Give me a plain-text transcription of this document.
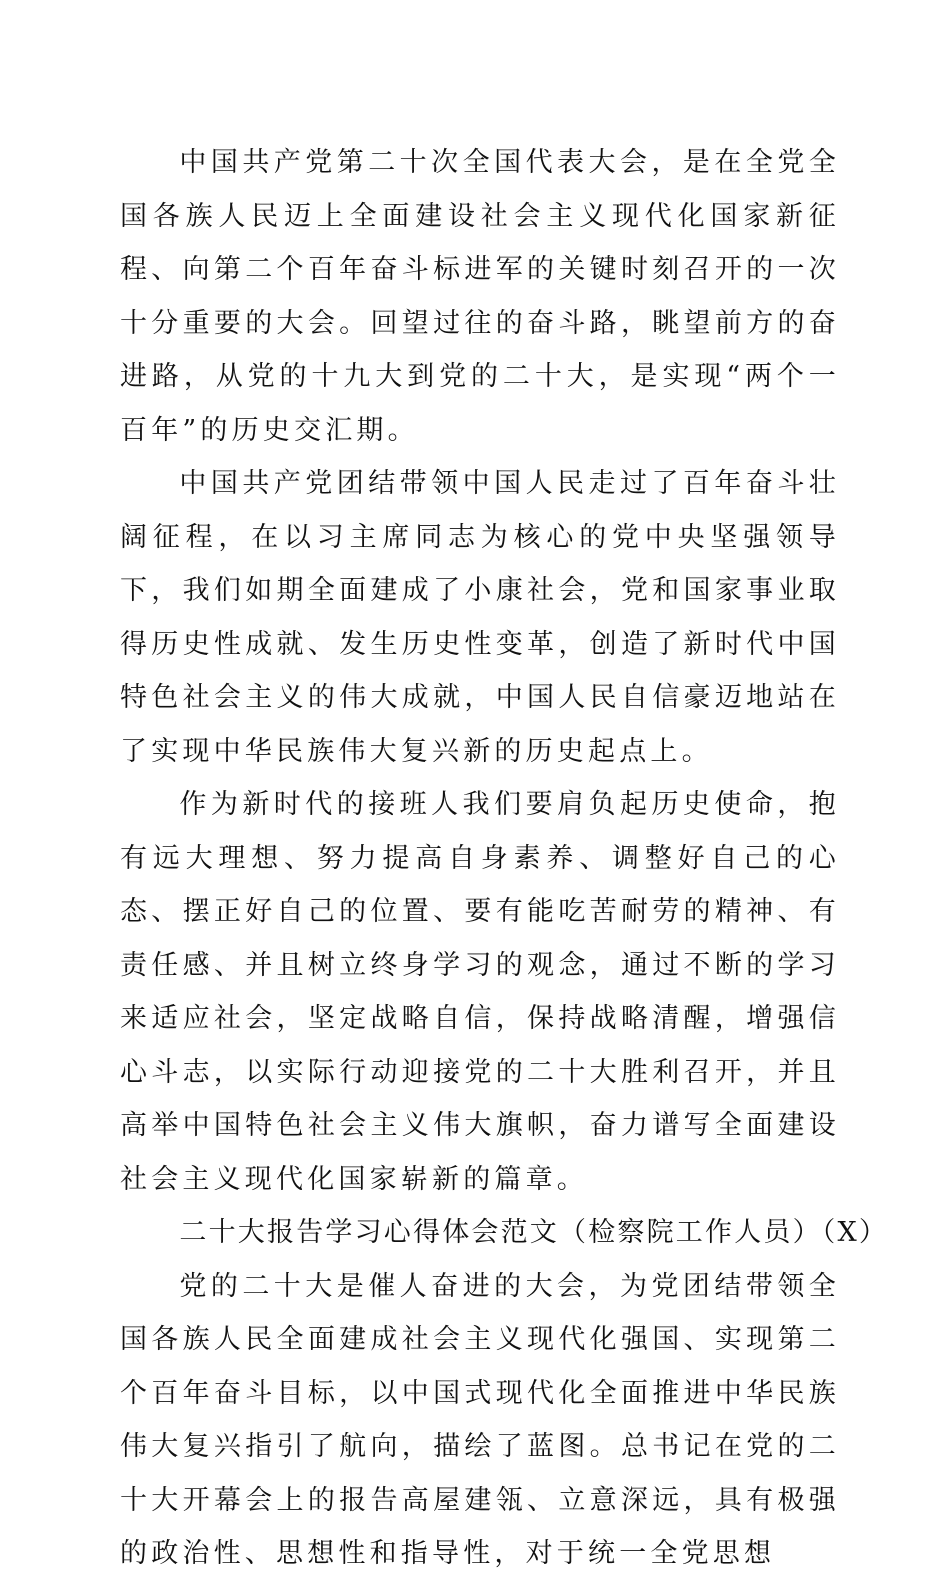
中国共产党第二十次全国代表大会，是在全党全国各族人民迈上全面建设社会主义现代化国家新征程、向第二个百年奋斗标进军的关键时刻召开的一次十分重要的大会。回望过往的奋斗路，眺望前方的奋进路，从党的十九大到党的二十大，是实现“两个一百年”的历史交汇期。

中国共产党团结带领中国人民走过了百年奋斗壮阔征程，在以习主席同志为核心的党中央坚强领导下，我们如期全面建成了小康社会，党和国家事业取得历史性成就、发生历史性变革，创造了新时代中国特色社会主义的伟大成就，中国人民自信豪迈地站在了实现中华民族伟大复兴新的历史起点上。

作为新时代的接班人我们要肩负起历史使命，抱有远大理想、努力提高自身素养、调整好自己的心态、摆正好自己的位置、要有能吃苦耐劳的精神、有责任感、并且树立终身学习的观念，通过不断的学习来适应社会，坚定战略自信，保持战略清醒，增强信心斗志，以实际行动迎接党的二十大胜利召开，并且高举中国特色社会主义伟大旗帜，奋力谱写全面建设社会主义现代化国家崭新的篇章。

二十大报告学习心得体会范文（检察院工作人员）（X）

党的二十大是催人奋进的大会，为党团结带领全国各族人民全面建成社会主义现代化强国、实现第二个百年奋斗目标，以中国式现代化全面推进中华民族伟大复兴指引了航向，描绘了蓝图。总书记在党的二十大开幕会上的报告高屋建瓴、立意深远，具有极强的政治性、思想性和指导性，对于统一全党思想
